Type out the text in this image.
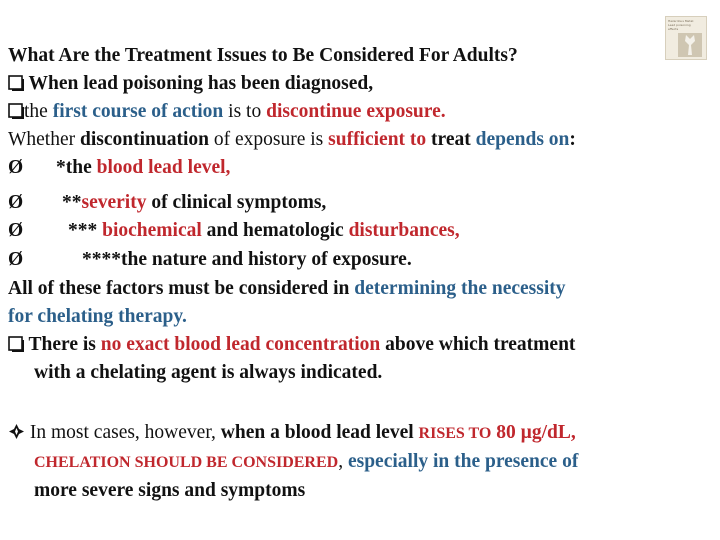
Hazardous Metal: Lead poisoning effects
What Are the Treatment Issues to Be Considered For Adults?
When lead poisoning has been diagnosed,
the first course of action is to discontinue exposure.
Whether discontinuation of exposure is sufficient to treat depends on:
Ø *the blood lead level,
Ø **severity of clinical symptoms,
Ø *** biochemical and hematologic disturbances,
Ø	****the nature and history of exposure.
All of these factors must be considered in determining the necessity
for chelating therapy.
There is no exact blood lead concentration above which treatment
with a chelating agent is always indicated.
In most cases, however, when a blood lead level RISES TO 80 µg/dL,
CHELATION SHOULD BE CONSIDERED, especially in the presence of
more severe signs and symptoms
